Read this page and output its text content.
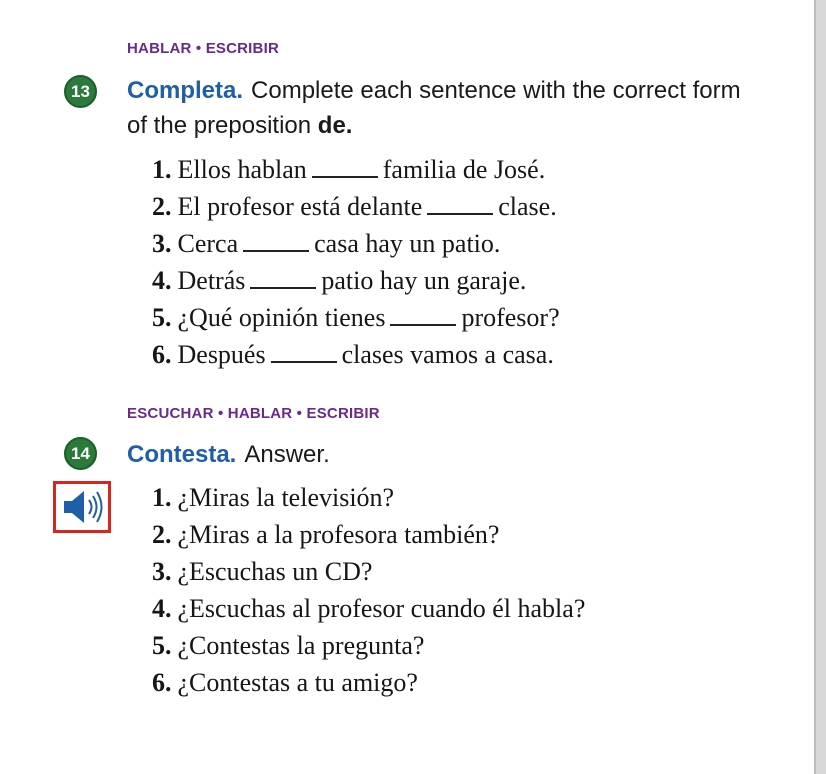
HABLAR • ESCRIBIR
13 Completa. Complete each sentence with the correct form of the preposition de.
1. Ellos hablan	familia de José.
2. El profesor está delante	clase.
3. Cerca	casa hay un patio.
4. Detrás	patio hay un garaje.
5. ¿Qué opinión tienes	profesor?
6. Después	clases vamos a casa.
ESCUCHAR • HABLAR • ESCRIBIR
14 Contesta. Answer.
1. ¿Miras la televisión?
2. ¿Miras a la profesora también?
3. ¿Escuchas un CD?
4. ¿Escuchas al profesor cuando él habla?
5. ¿Contestas la pregunta?
6. ¿Contestas a tu amigo?
